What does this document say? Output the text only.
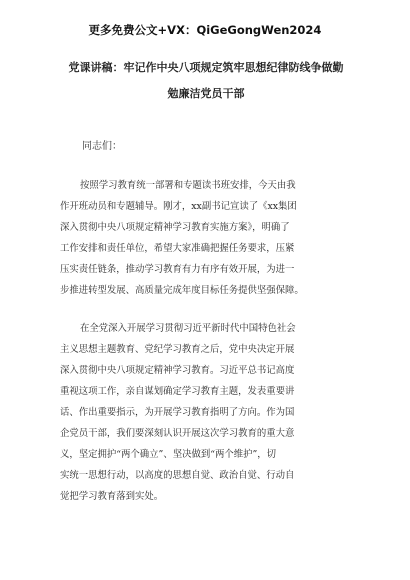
更多免费公文+VX：QiGeGongWen2024
党课讲稿：牢记作中央八项规定筑牢思想纪律防线争做勤
勉廉洁党员干部
同志们：
按照学习教育统一部署和专题读书班安排，今天由我
作开班动员和专题辅导。刚才，xx副书记宣读了《xx集团
深入贯彻中央八项规定精神学习教育实施方案》，明确了
工作安排和责任单位，希望大家准确把握任务要求，压紧
压实责任链条，推动学习教育有力有序有效开展，为进一
步推进转型发展、高质量完成年度目标任务提供坚强保障。
在全党深入开展学习贯彻习近平新时代中国特色社会
主义思想主题教育、党纪学习教育之后，党中央决定开展
深入贯彻中央八项规定精神学习教育。习近平总书记高度
重视这项工作，亲自谋划确定学习教育主题，发表重要讲
话、作出重要指示，为开展学习教育指明了方向。作为国
企党员干部，我们要深刻认识开展这次学习教育的重大意
义，坚定拥护“两个确立”、坚决做到“两个维护”，切
实统一思想行动，以高度的思想自觉、政治自觉、行动自
觉把学习教育落到实处。
